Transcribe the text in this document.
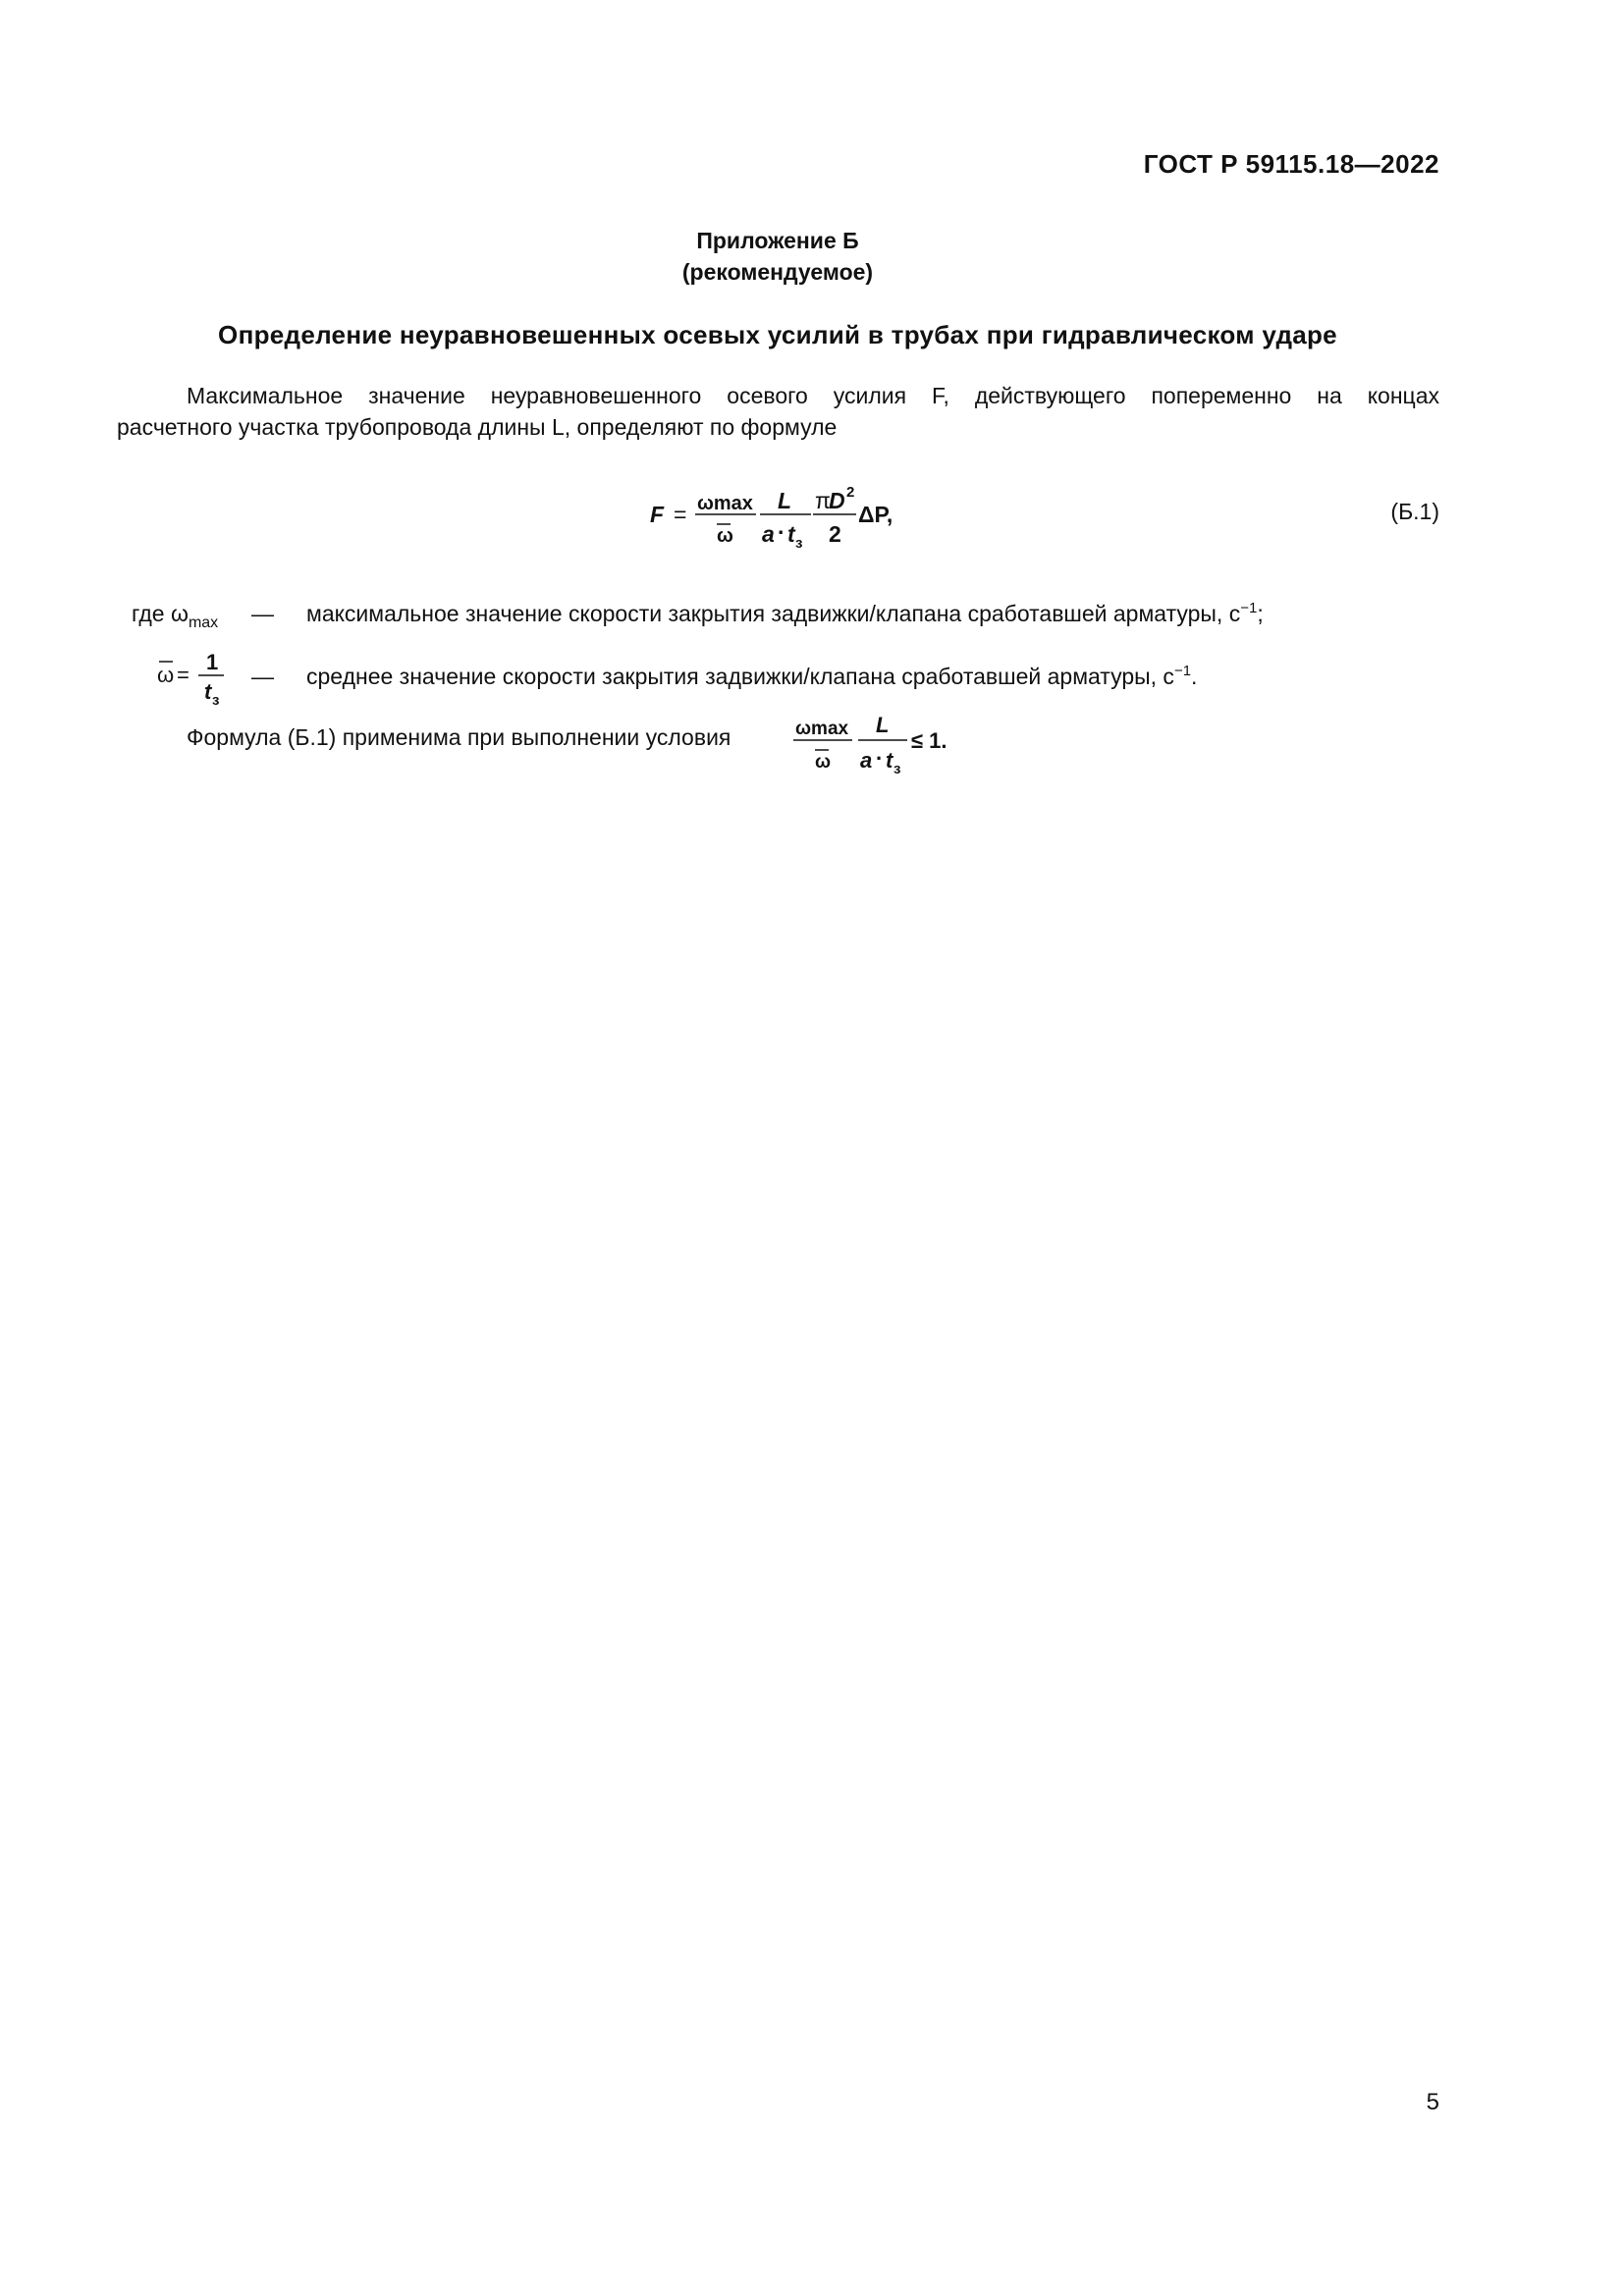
ГОСТ Р 59115.18—2022
Приложение Б
(рекомендуемое)
Определение неуравновешенных осевых усилий в трубах при гидравлическом ударе
Максимальное значение неуравновешенного осевого усилия F, действующего попеременно на концах
расчетного участка трубопровода длины L, определяют по формуле
F = ωmax
ω
L
a · t з
π
D 2
2
ΔP,	(Б.1)
где $\omega_{max}$ — максимальное значение скорости закрытия задвижки/клапана сработавшей арматуры, $с^{-1}$;
ω =
1
t з
— среднее значение скорости закрытия задвижки/клапана сработавшей арматуры, $с^{-1}$.
Формула (Б.1) применима при выполнении условия	ωmax
ω
L
a · t з
≤ 1.
5
